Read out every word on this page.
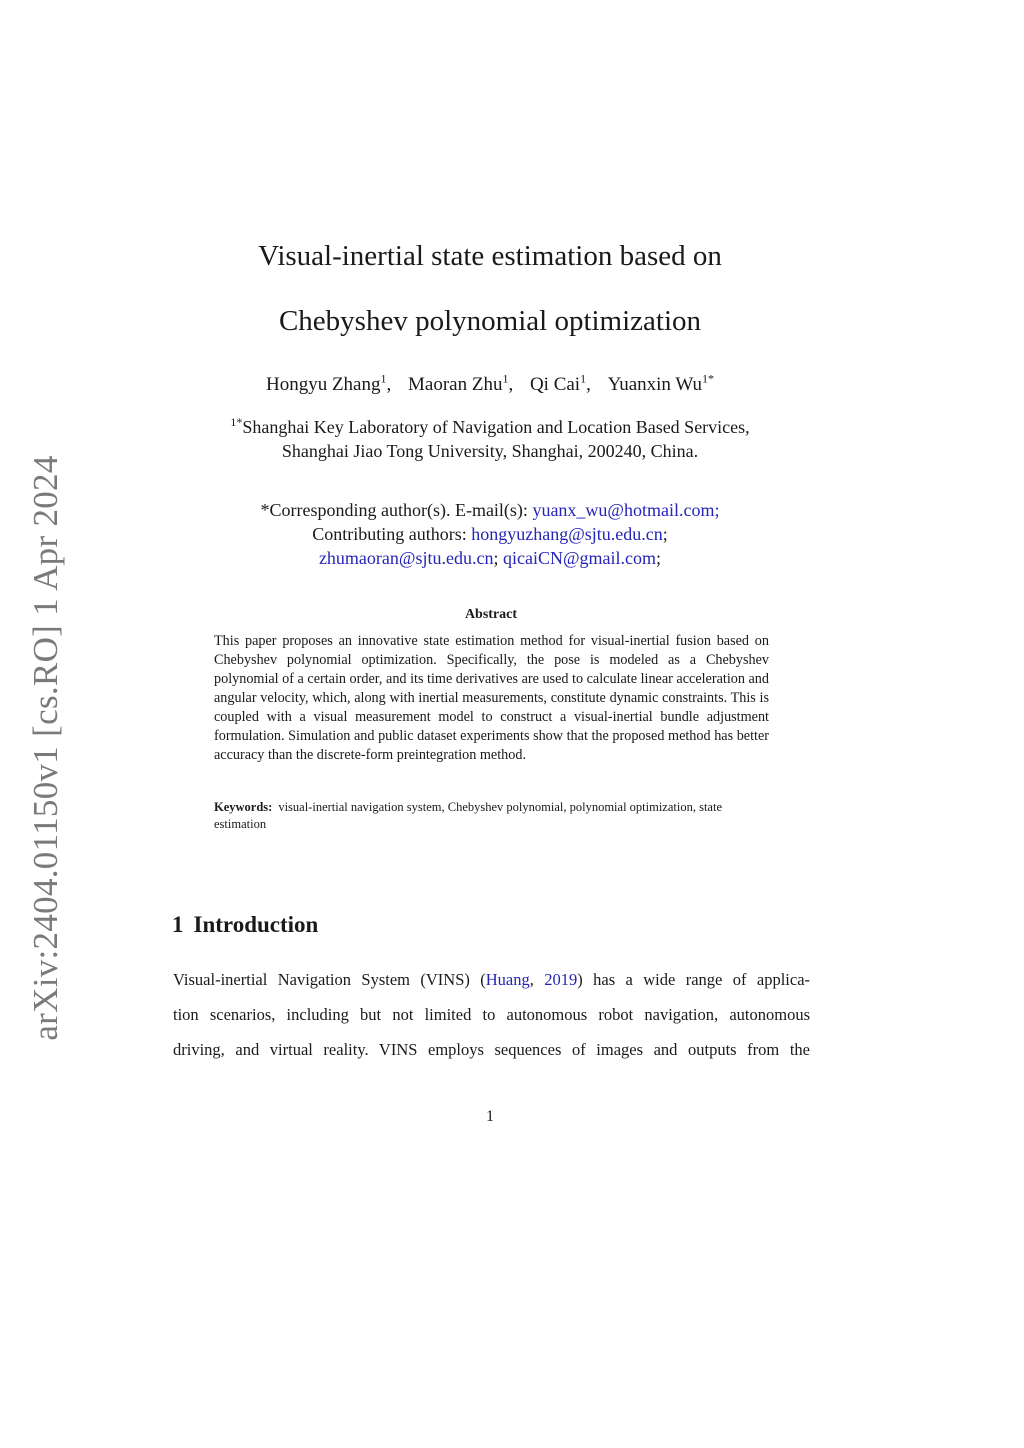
arXiv:2404.01150v1 [cs.RO] 1 Apr 2024
Visual-inertial state estimation based on
Chebyshev polynomial optimization
Hongyu Zhang$^1$, Maoran Zhu$^1$, Qi Cai$^1$, Yuanxin $Wu^{1*}$
$^{1*}$Shanghai Key Laboratory of Navigation and Location Based Services,
Shanghai Jiao Tong University, Shanghai, 200240, China.
*Corresponding author(s). E-mail(s): yuanx_wu@hotmail.com;
Contributing authors: hongyuzhang@sjtu.edu.cn;
zhumaoran@sjtu.edu.cn; qicaiCN@gmail.com;
Abstract
This paper proposes an innovative state estimation method for visual-inertial fusion based on Chebyshev polynomial optimization. Specifically, the pose is modeled as a Chebyshev polynomial of a certain order, and its time derivatives are used to calculate linear acceleration and angular velocity, which, along with inertial measurements, constitute dynamic constraints. This is coupled with a visual measurement model to construct a visual-inertial bundle adjustment formulation. Simulation and public dataset experiments show that the proposed method has better accuracy than the discrete-form preintegration method.
Keywords: visual-inertial navigation system, Chebyshev polynomial, polynomial optimization, state estimation
1 Introduction
Visual-inertial Navigation System (VINS) (Huang, 2019) has a wide range of applica-
tion scenarios, including but not limited to autonomous robot navigation, autonomous
driving, and virtual reality. VINS employs sequences of images and outputs from the
1
